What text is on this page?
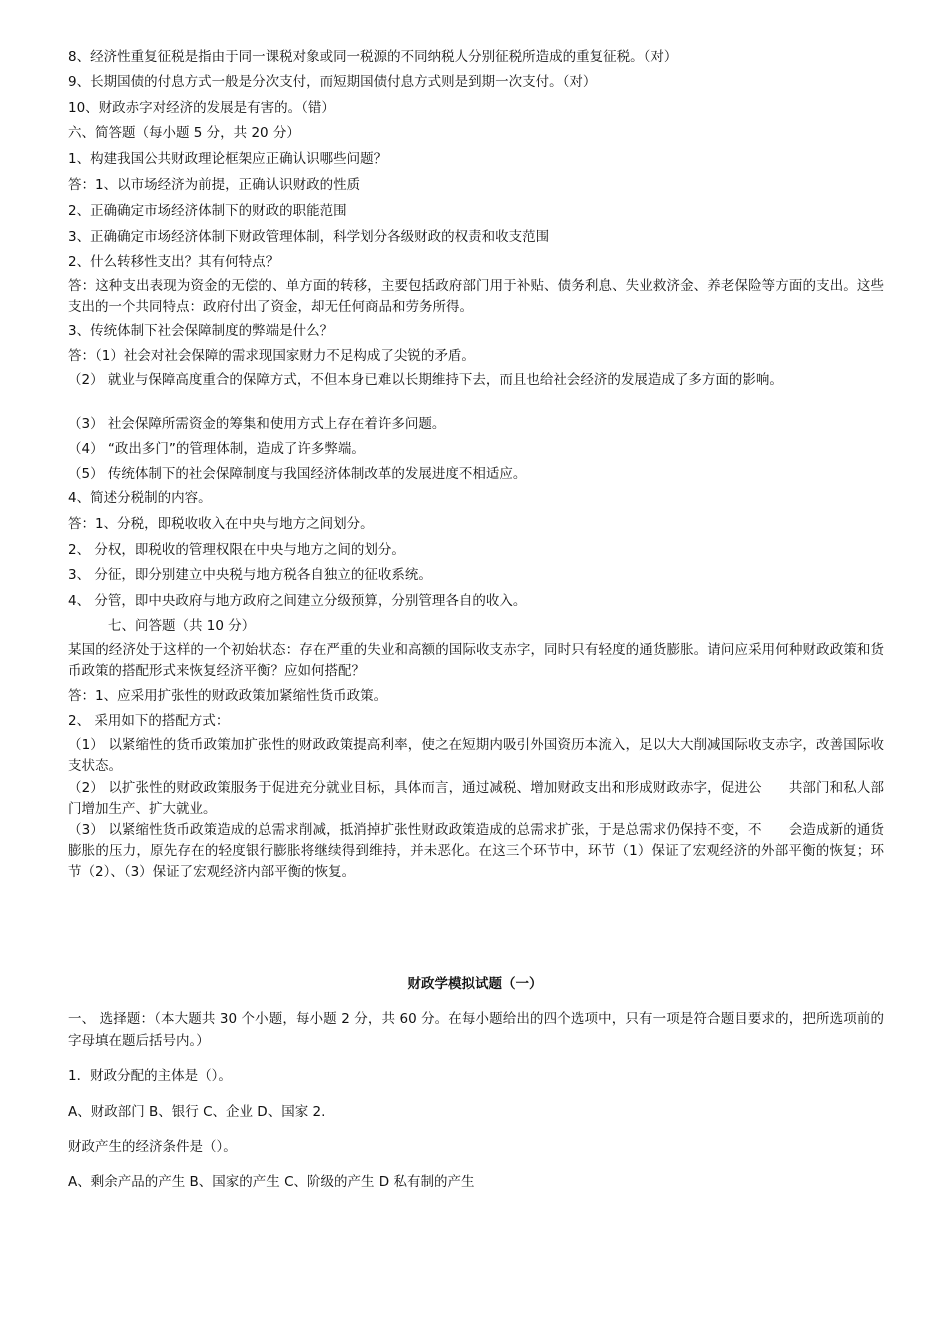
8、经济性重复征税是指由于同一课税对象或同一税源的不同纳税人分别征税所造成的重复征税。（对）
9、长期国债的付息方式一般是分次支付，而短期国债付息方式则是到期一次支付。（对）
10、财政赤字对经济的发展是有害的。（错）
六、简答题（每小题 5 分，共 20 分）
1、构建我国公共财政理论框架应正确认识哪些问题？
答：1、以市场经济为前提，正确认识财政的性质
2、正确确定市场经济体制下的财政的职能范围
3、正确确定市场经济体制下财政管理体制，科学划分各级财政的权责和收支范围
2、什么转移性支出？其有何特点？
答：这种支出表现为资金的无偿的、单方面的转移，主要包括政府部门用于补贴、债务利息、失业救济金、养老保险等方面的支出。这些支出的一个共同特点：政府付出了资金，却无任何商品和劳务所得。
3、传统体制下社会保障制度的弊端是什么？
答：（1）社会对社会保障的需求现国家财力不足构成了尖锐的矛盾。
（2） 就业与保障高度重合的保障方式，不但本身已难以长期维持下去，而且也给社会经济的发展造成了多方面的影响。
（3） 社会保障所需资金的筹集和使用方式上存在着许多问题。
（4） “政出多门”的管理体制，造成了许多弊端。
（5） 传统体制下的社会保障制度与我国经济体制改革的发展进度不相适应。
4、简述分税制的内容。
答：1、分税，即税收收入在中央与地方之间划分。
2、 分权，即税收的管理权限在中央与地方之间的划分。
3、 分征，即分别建立中央税与地方税各自独立的征收系统。
4、 分管，即中央政府与地方政府之间建立分级预算，分别管理各自的收入。
七、问答题（共 10 分）
某国的经济处于这样的一个初始状态：存在严重的失业和高额的国际收支赤字，同时只有轻度的通货膨胀。请问应采用何种财政政策和货币政策的搭配形式来恢复经济平衡？应如何搭配？
答：1、应采用扩张性的财政政策加紧缩性货币政策。
2、 采用如下的搭配方式：
（1） 以紧缩性的货币政策加扩张性的财政政策提高利率，使之在短期内吸引外国资历本流入，足以大大削减国际收支赤字，改善国际收支状态。
（2） 以扩张性的财政政策服务于促进充分就业目标，具体而言，通过减税、增加财政支出和形成财政赤字，促进公　　共部门和私人部门增加生产、扩大就业。
（3） 以紧缩性货币政策造成的总需求削减，抵消掉扩张性财政政策造成的总需求扩张，于是总需求仍保持不变，不　　会造成新的通货膨胀的压力，原先存在的轻度银行膨胀将继续得到维持，并未恶化。在这三个环节中，环节（1）保证了宏观经济的外部平衡的恢复；环节（2）、（3）保证了宏观经济内部平衡的恢复。
财政学模拟试题（一）
一、 选择题：（本大题共 30 个小题，每小题 2 分，共 60 分。在每小题给出的四个选项中，只有一项是符合题目要求的，把所选项前的字母填在题后括号内。）
1．财政分配的主体是（）。
A、财政部门 B、银行 C、企业 D、国家 2.
财政产生的经济条件是（）。
A、剩余产品的产生 B、国家的产生 C、阶级的产生 D 私有制的产生
